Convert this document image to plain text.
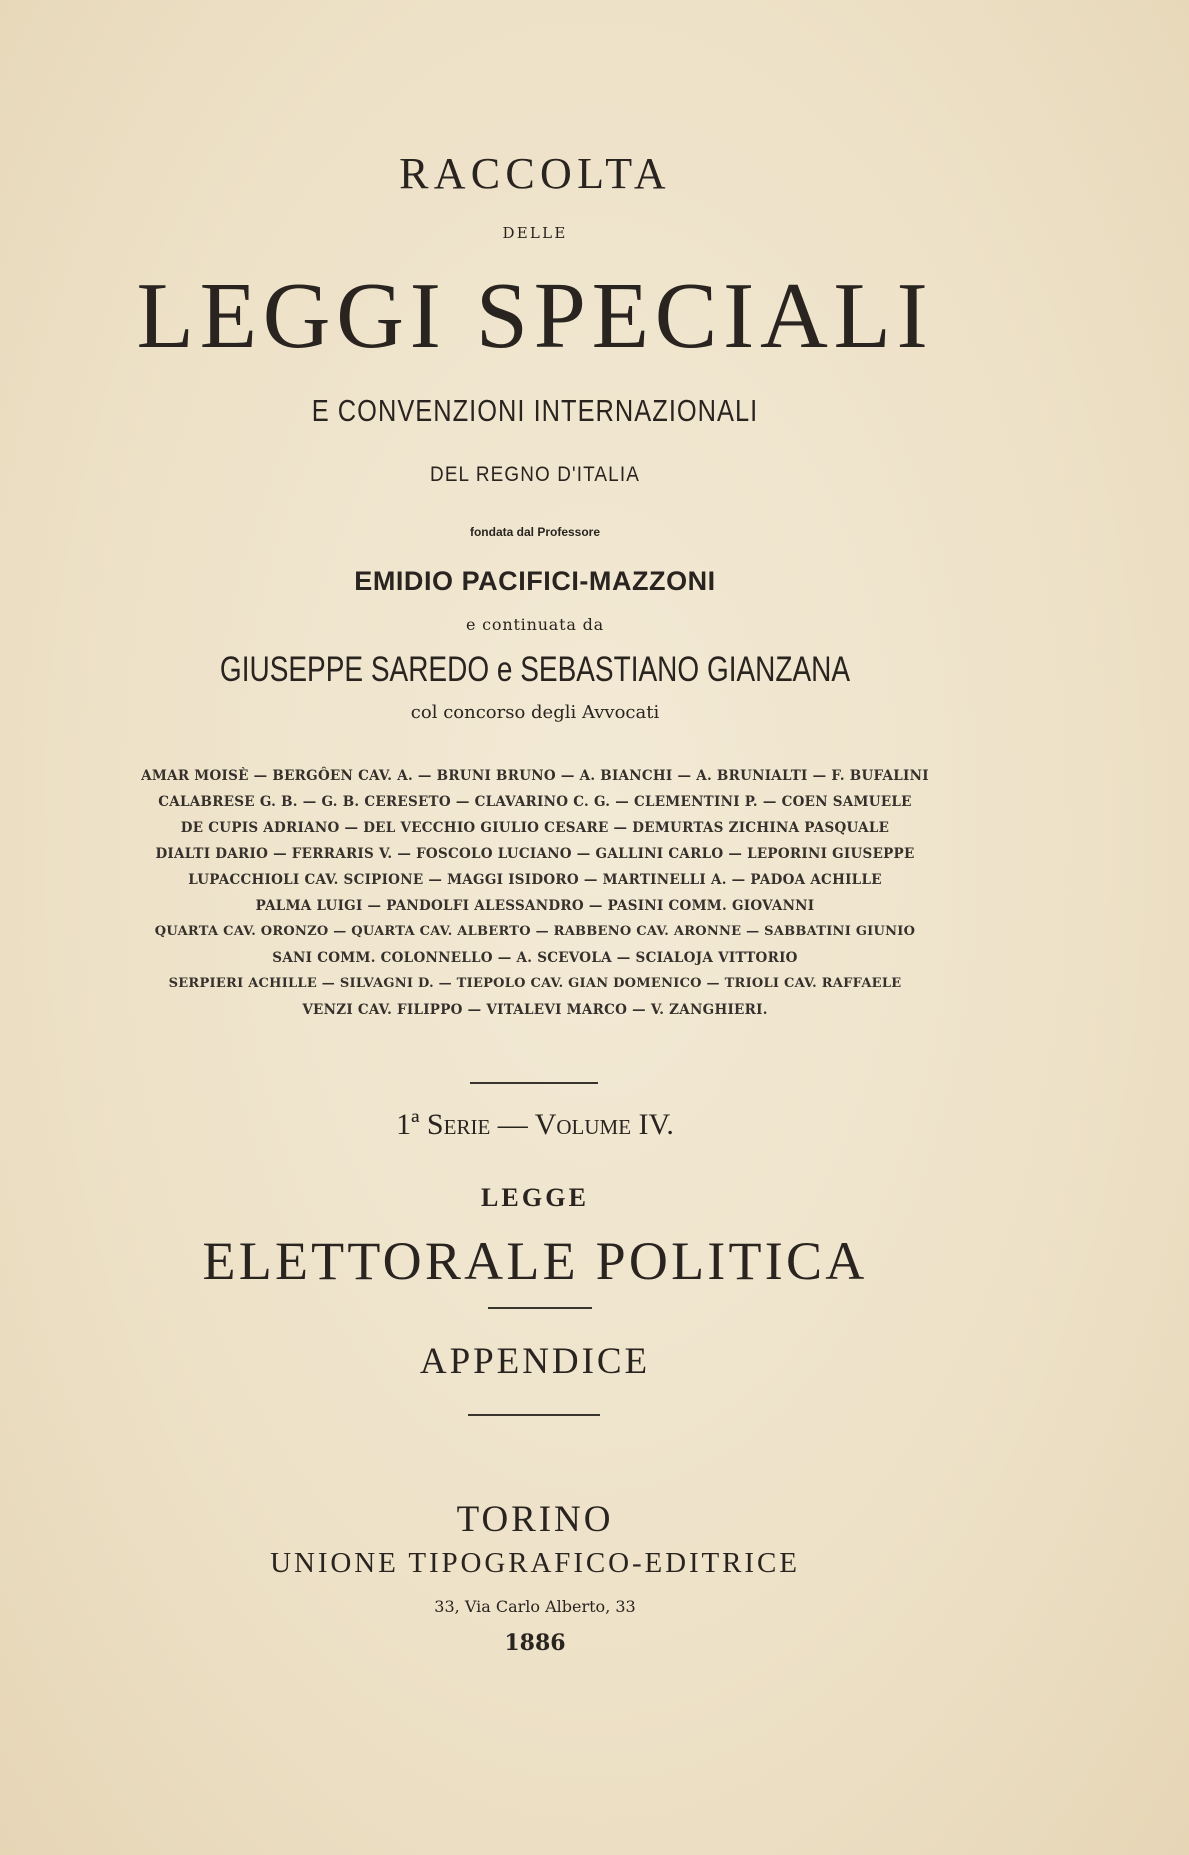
RACCOLTA

DELLE

LEGGI SPECIALI

E CONVENZIONI INTERNAZIONALI

DEL REGNO D'ITALIA

fondata dal Professore

EMIDIO PACIFICI-MAZZONI

e continuata da

GIUSEPPE SAREDO e SEBASTIANO GIANZANA

col concorso degli Avvocati

AMAR MOISÈ — BERGÔEN CAV. A. — BRUNI BRUNO — A. BIANCHI — A. BRUNIALTI — F. BUFALINI

CALABRESE G. B. — G. B. CERESETO — CLAVARINO C. G. — CLEMENTINI P. — COEN SAMUELE

DE CUPIS ADRIANO — DEL VECCHIO GIULIO CESARE — DEMURTAS ZICHINA PASQUALE

DIALTI DARIO — FERRARIS V. — FOSCOLO LUCIANO — GALLINI CARLO — LEPORINI GIUSEPPE

LUPACCHIOLI CAV. SCIPIONE — MAGGI ISIDORO — MARTINELLI A. — PADOA ACHILLE

PALMA LUIGI — PANDOLFI ALESSANDRO — PASINI COMM. GIOVANNI

QUARTA CAV. ORONZO — QUARTA CAV. ALBERTO — RABBENO CAV. ARONNE — SABBATINI GIUNIO

SANI COMM. COLONNELLO — A. SCEVOLA — SCIALOJA VITTORIO

SERPIERI ACHILLE — SILVAGNI D. — TIEPOLO CAV. GIAN DOMENICO — TRIOLI CAV. RAFFAELE

VENZI CAV. FILIPPO — VITALEVI MARCO — V. ZANGHIERI.

1ª Serie — Volume IV.

LEGGE

ELETTORALE POLITICA

APPENDICE

TORINO

UNIONE TIPOGRAFICO-EDITRICE

33, Via Carlo Alberto, 33

1886
